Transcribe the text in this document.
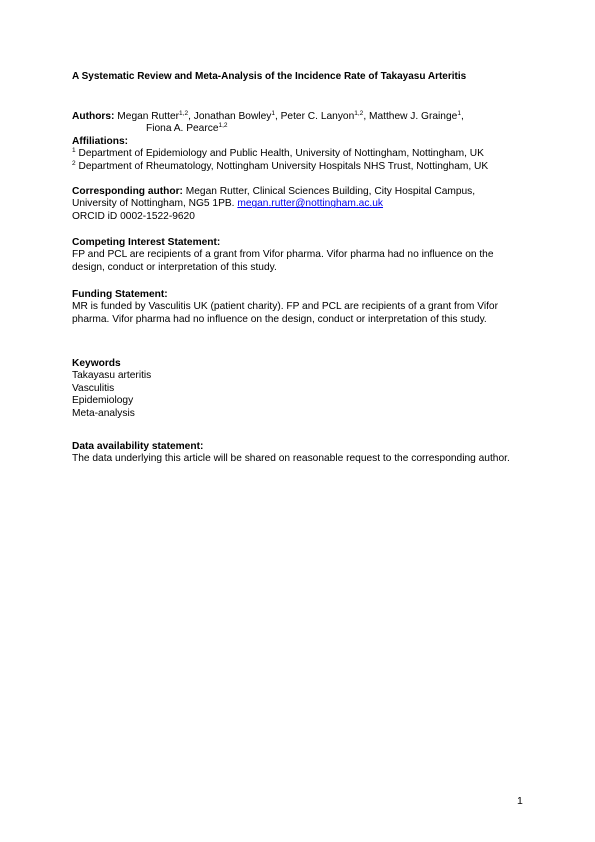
A Systematic Review and Meta-Analysis of the Incidence Rate of Takayasu Arteritis
Authors: Megan Rutter$^{1,2}$, Jonathan Bowley$^1$, Peter C. Lanyon$^{1,2}$, Matthew J. Grainge$^1$,
Fiona A. Pearce$^{1,2}$
Affiliations:
$^1$ Department of Epidemiology and Public Health, University of Nottingham, Nottingham, UK
$^2$ Department of Rheumatology, Nottingham University Hospitals NHS Trust, Nottingham, UK
Corresponding author: Megan Rutter, Clinical Sciences Building, City Hospital Campus,
University of Nottingham, NG5 1PB. megan.rutter@nottingham.ac.uk
ORCID iD 0002-1522-9620
Competing Interest Statement:
FP and PCL are recipients of a grant from Vifor pharma. Vifor pharma had no influence on the design, conduct or interpretation of this study.
Funding Statement:
MR is funded by Vasculitis UK (patient charity). FP and PCL are recipients of a grant from Vifor pharma. Vifor pharma had no influence on the design, conduct or interpretation of this study.
Keywords
Takayasu arteritis
Vasculitis
Epidemiology
Meta-analysis
Data availability statement:
The data underlying this article will be shared on reasonable request to the corresponding author.
1
